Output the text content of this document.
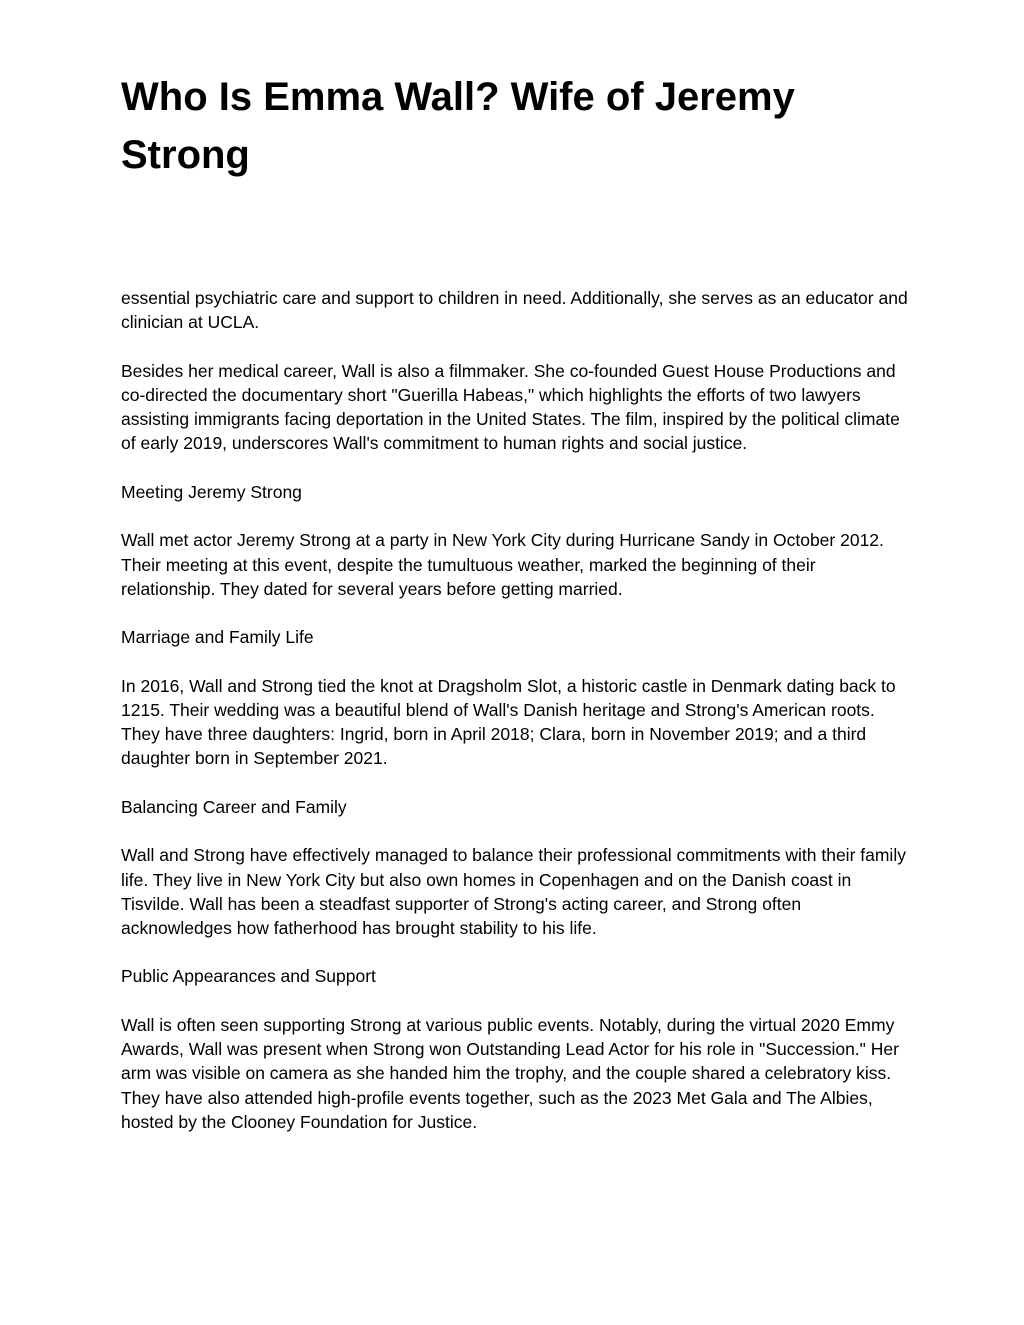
Who Is Emma Wall? Wife of Jeremy Strong

essential psychiatric care and support to children in need. Additionally, she serves as an educator and clinician at UCLA.

Besides her medical career, Wall is also a filmmaker. She co-founded Guest House Productions and co-directed the documentary short "Guerilla Habeas," which highlights the efforts of two lawyers assisting immigrants facing deportation in the United States. The film, inspired by the political climate of early 2019, underscores Wall's commitment to human rights and social justice.

Meeting Jeremy Strong

Wall met actor Jeremy Strong at a party in New York City during Hurricane Sandy in October 2012. Their meeting at this event, despite the tumultuous weather, marked the beginning of their relationship. They dated for several years before getting married.

Marriage and Family Life

In 2016, Wall and Strong tied the knot at Dragsholm Slot, a historic castle in Denmark dating back to 1215. Their wedding was a beautiful blend of Wall's Danish heritage and Strong's American roots. They have three daughters: Ingrid, born in April 2018; Clara, born in November 2019; and a third daughter born in September 2021.

Balancing Career and Family

Wall and Strong have effectively managed to balance their professional commitments with their family life. They live in New York City but also own homes in Copenhagen and on the Danish coast in Tisvilde. Wall has been a steadfast supporter of Strong's acting career, and Strong often acknowledges how fatherhood has brought stability to his life.

Public Appearances and Support

Wall is often seen supporting Strong at various public events. Notably, during the virtual 2020 Emmy Awards, Wall was present when Strong won Outstanding Lead Actor for his role in "Succession." Her arm was visible on camera as she handed him the trophy, and the couple shared a celebratory kiss. They have also attended high-profile events together, such as the 2023 Met Gala and The Albies, hosted by the Clooney Foundation for Justice.
